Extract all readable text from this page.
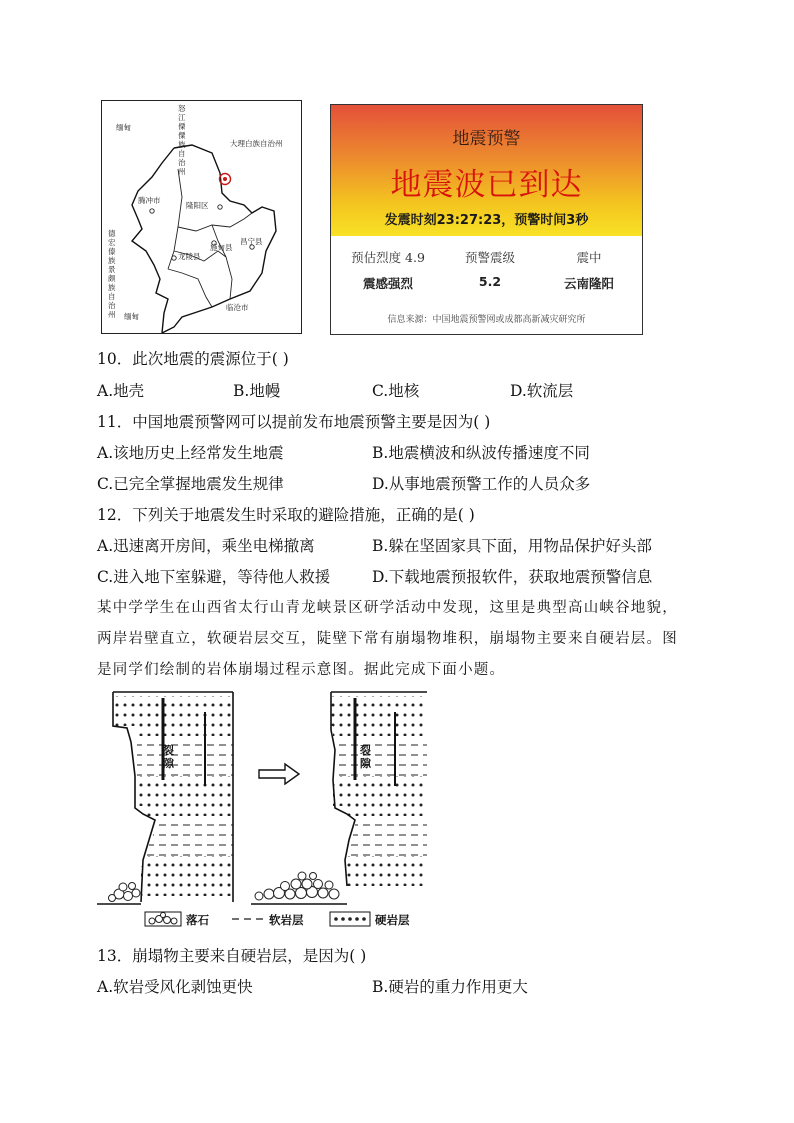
缅甸
怒江傈僳族自治州
大理白族自治州
腾冲市
隆阳区
德宏傣族景颇族自治州
龙陵县
施甸县
昌宁县
临沧市
缅甸
地震预警
地震波已到达
发震时刻23:27:23，预警时间3秒
预估烈度 4.9	预警震级	震中
震感强烈	5.2	云南隆阳
信息来源：中国地震预警网或成都高新减灾研究所
10．此次地震的震源位于( )
A.地壳	B.地幔	C.地核	D.软流层
11．中国地震预警网可以提前发布地震预警主要是因为( )
A.该地历史上经常发生地震	B.地震横波和纵波传播速度不同
C.已完全掌握地震发生规律	D.从事地震预警工作的人员众多
12．下列关于地震发生时采取的避险措施，正确的是( )
A.迅速离开房间，乘坐电梯撤离	B.躲在坚固家具下面，用物品保护好头部
C.进入地下室躲避，等待他人救援	D.下载地震预报软件，获取地震预警信息
某中学学生在山西省太行山青龙峡景区研学活动中发现，这里是典型高山峡谷地貌，
两岸岩壁直立，软硬岩层交互，陡壁下常有崩塌物堆积，崩塌物主要来自硬岩层。图
是同学们绘制的岩体崩塌过程示意图。据此完成下面小题。
裂隙
裂隙
落石	软岩层	硬岩层
13．崩塌物主要来自硬岩层，是因为( )
A.软岩受风化剥蚀更快	B.硬岩的重力作用更大
